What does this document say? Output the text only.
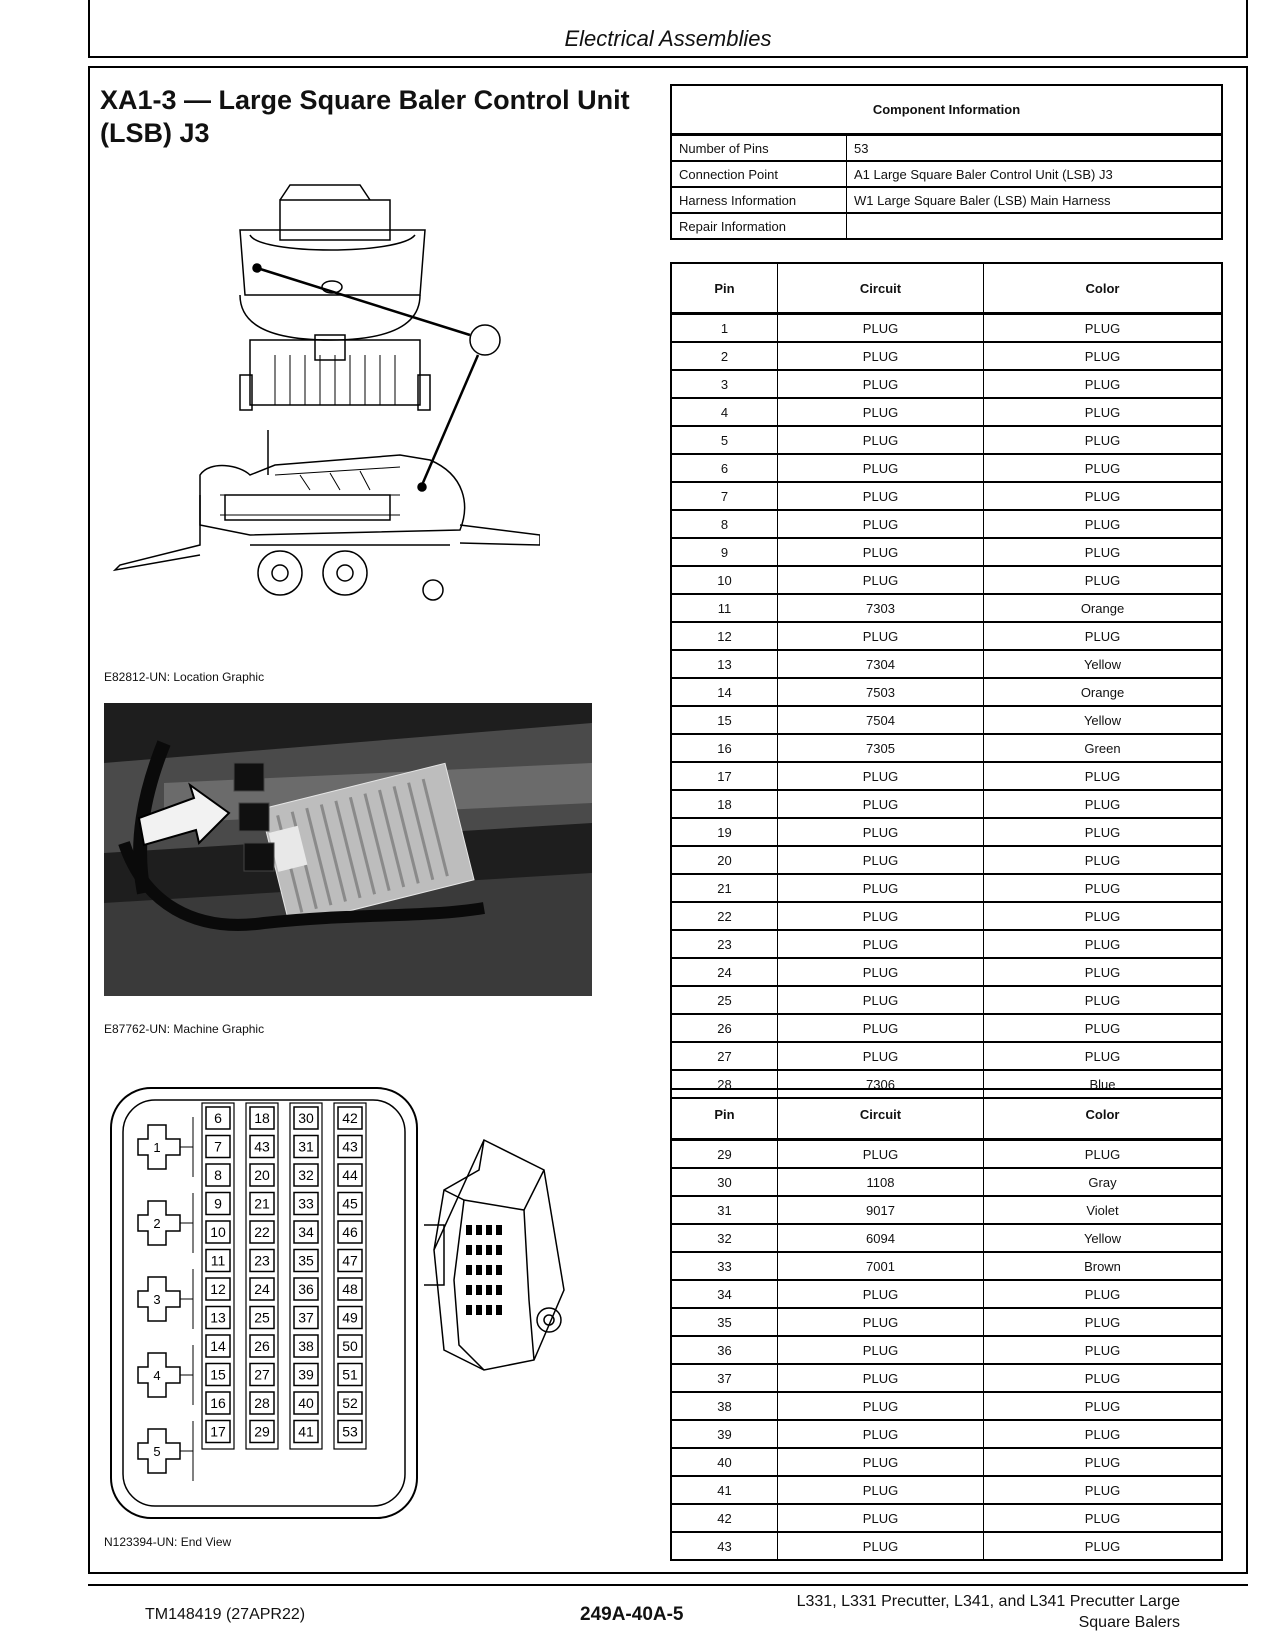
Electrical Assemblies
XA1-3 — Large Square Baler Control Unit (LSB) J3
E82812-UN: Location Graphic
E87762-UN: Machine Graphic
1
2
3
4
5
6
7
8
9
10
11
12
13
14
15
16
17
18
43
20
21
22
23
24
25
26
27
28
29
30
31
32
33
34
35
36
37
38
39
40
41
42
43
44
45
46
47
48
49
50
51
52
53
N123394-UN: End View
Component Information	
Number of Pins	53
Connection Point	A1 Large Square Baler Control Unit (LSB) J3
Harness Information	W1 Large Square Baler (LSB) Main Harness
Repair Information	
Pin	Circuit	Color
1	PLUG	PLUG
2	PLUG	PLUG
3	PLUG	PLUG
4	PLUG	PLUG
5	PLUG	PLUG
6	PLUG	PLUG
7	PLUG	PLUG
8	PLUG	PLUG
9	PLUG	PLUG
10	PLUG	PLUG
11	7303	Orange
12	PLUG	PLUG
13	7304	Yellow
14	7503	Orange
15	7504	Yellow
16	7305	Green
17	PLUG	PLUG
18	PLUG	PLUG
19	PLUG	PLUG
20	PLUG	PLUG
21	PLUG	PLUG
22	PLUG	PLUG
23	PLUG	PLUG
24	PLUG	PLUG
25	PLUG	PLUG
26	PLUG	PLUG
27	PLUG	PLUG
28	7306	Blue
Pin	Circuit	Color
29	PLUG	PLUG
30	1108	Gray
31	9017	Violet
32	6094	Yellow
33	7001	Brown
34	PLUG	PLUG
35	PLUG	PLUG
36	PLUG	PLUG
37	PLUG	PLUG
38	PLUG	PLUG
39	PLUG	PLUG
40	PLUG	PLUG
41	PLUG	PLUG
42	PLUG	PLUG
43	PLUG	PLUG
TM148419 (27APR22)	249A-40A-5
L331, L331 Precutter, L341, and L341 Precutter Large
Square Balers
